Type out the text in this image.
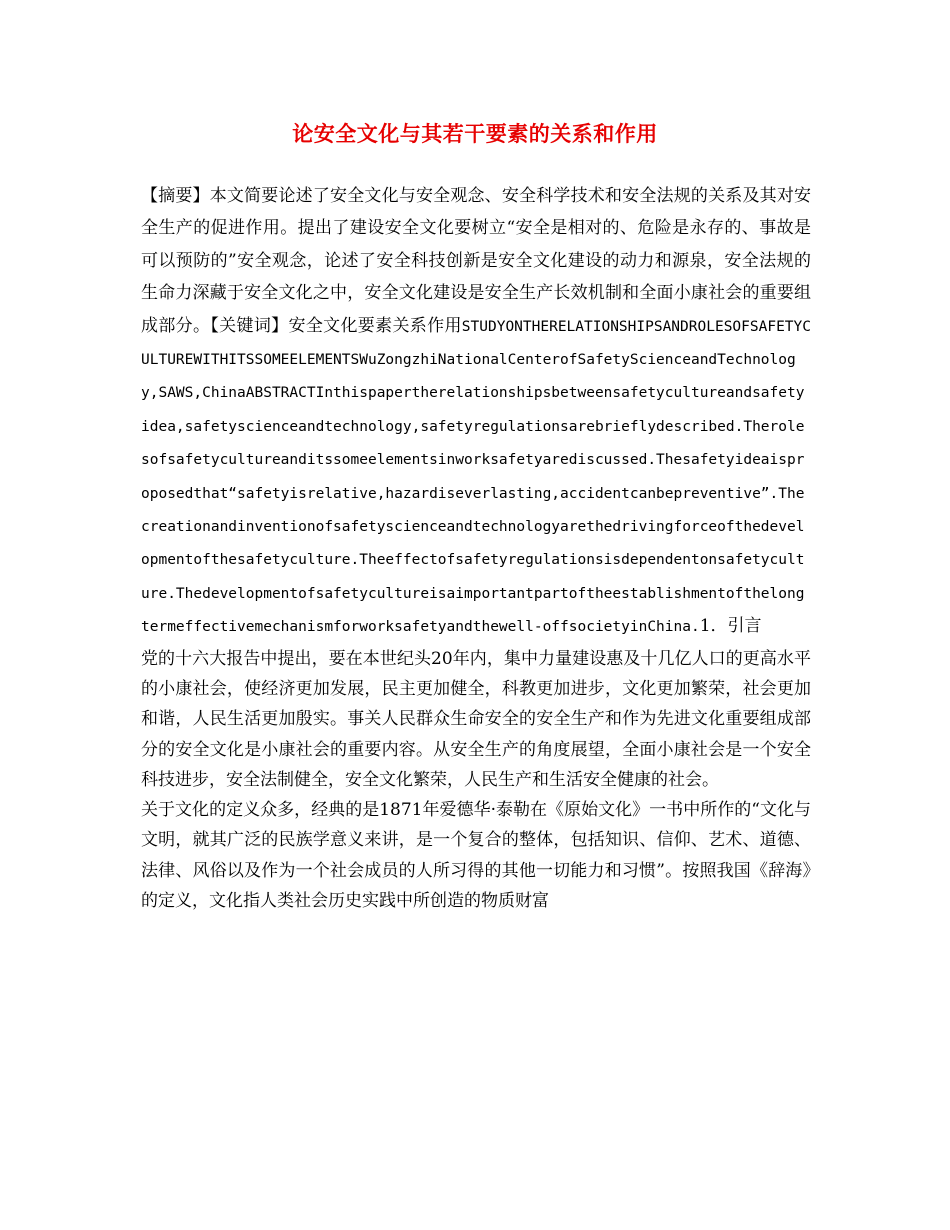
论安全文化与其若干要素的关系和作用

【摘要】本文简要论述了安全文化与安全观念、安全科学技术和安全法规的关系及其对安全生产的促进作用。提出了建设安全文化要树立“安全是相对的、危险是永存的、事故是可以预防的”安全观念，论述了安全科技创新是安全文化建设的动力和源泉，安全法规的生命力深藏于安全文化之中，安全文化建设是安全生产长效机制和全面小康社会的重要组成部分。【关键词】安全文化要素关系作用STUDYONTHERELATIONSHIPSANDROLESOFSAFETYCULTUREWITHITSSOMEELEMENTSWuZongzhiNationalCenterofSafetyScienceandTechnology,SAWS,ChinaABSTRACTInthispapertherelationshipsbetweensafetycultureandsafetyidea,safetyscienceandtechnology,safetyregulationsarebrieflydescribed.Therolesofsafetycultureanditssomeelementsinworksafetyarediscussed.Thesafetyideaisproposedthat“safetyisrelative,hazardiseverlasting,accidentcanbepreventive”.Thecreationandinventionofsafetyscienceandtechnologyarethedrivingforceofthedevelopmentofthesafetyculture.Theeffectofsafetyregulationsisdependentonsafetyculture.Thedevelopmentofsafetycultureisaimportantpartoftheestablishmentofthelongtermeffectivemechanismforworksafetyandthewell-offsocietyinChina.1．引言

党的十六大报告中提出，要在本世纪头20年内，集中力量建设惠及十几亿人口的更高水平的小康社会，使经济更加发展，民主更加健全，科教更加进步，文化更加繁荣，社会更加和谐，人民生活更加殷实。事关人民群众生命安全的安全生产和作为先进文化重要组成部分的安全文化是小康社会的重要内容。从安全生产的角度展望，全面小康社会是一个安全科技进步，安全法制健全，安全文化繁荣，人民生产和生活安全健康的社会。

关于文化的定义众多，经典的是1871年爱德华·泰勒在《原始文化》一书中所作的“文化与文明，就其广泛的民族学意义来讲，是一个复合的整体，包括知识、信仰、艺术、道德、法律、风俗以及作为一个社会成员的人所习得的其他一切能力和习惯”。按照我国《辞海》的定义，文化指人类社会历史实践中所创造的物质财富
